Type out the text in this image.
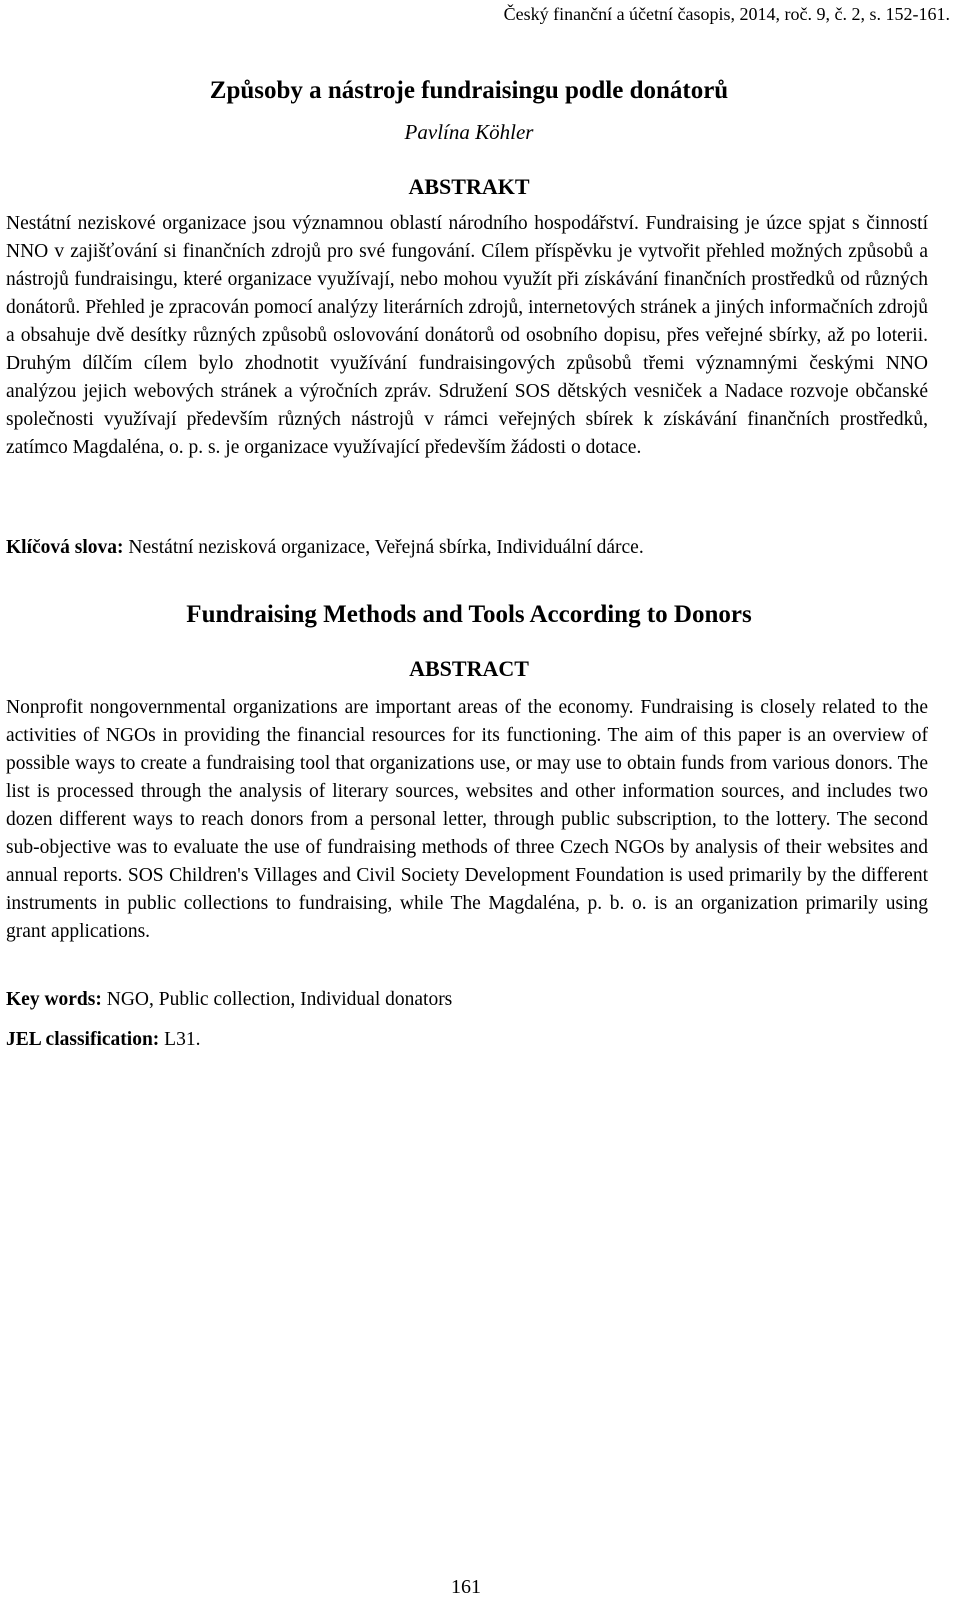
Český finanční a účetní časopis, 2014, roč. 9, č. 2, s. 152-161.
Způsoby a nástroje fundraisingu podle donátorů
Pavlína Köhler
ABSTRAKT

Nestátní neziskové organizace jsou významnou oblastí národního hospodářství. Fundraising je úzce spjat s činností NNO v zajišťování si finančních zdrojů pro své fungování. Cílem příspěvku je vytvořit přehled možných způsobů a nástrojů fundraisingu, které organizace využívají, nebo mohou využít při získávání finančních prostředků od různých donátorů. Přehled je zpracován pomocí analýzy literárních zdrojů, internetových stránek a jiných informačních zdrojů a obsahuje dvě desítky různých způsobů oslovování donátorů od osobního dopisu, přes veřejné sbírky, až po loterii. Druhým dílčím cílem bylo zhodnotit využívání fundraisingových způsobů třemi významnými českými NNO analýzou jejich webových stránek a výročních zpráv. Sdružení SOS dětských vesniček a Nadace rozvoje občanské společnosti využívají především různých nástrojů v rámci veřejných sbírek k získávání finančních prostředků, zatímco Magdaléna, o. p. s. je organizace využívající především žádosti o dotace.

Klíčová slova: Nestátní nezisková organizace, Veřejná sbírka, Individuální dárce.
Fundraising Methods and Tools According to Donors
ABSTRACT

Nonprofit nongovernmental organizations are important areas of the economy. Fundraising is closely related to the activities of NGOs in providing the financial resources for its functioning. The aim of this paper is an overview of possible ways to create a fundraising tool that organizations use, or may use to obtain funds from various donors. The list is processed through the analysis of literary sources, websites and other information sources, and includes two dozen different ways to reach donors from a personal letter, through public subscription, to the lottery. The second sub-objective was to evaluate the use of fundraising methods of three Czech NGOs by analysis of their websites and annual reports. SOS Children's Villages and Civil Society Development Foundation is used primarily by the different instruments in public collections to fundraising, while The Magdaléna, p. b. o. is an organization primarily using grant applications.

Key words: NGO, Public collection, Individual donators
JEL classification: L31.
161
